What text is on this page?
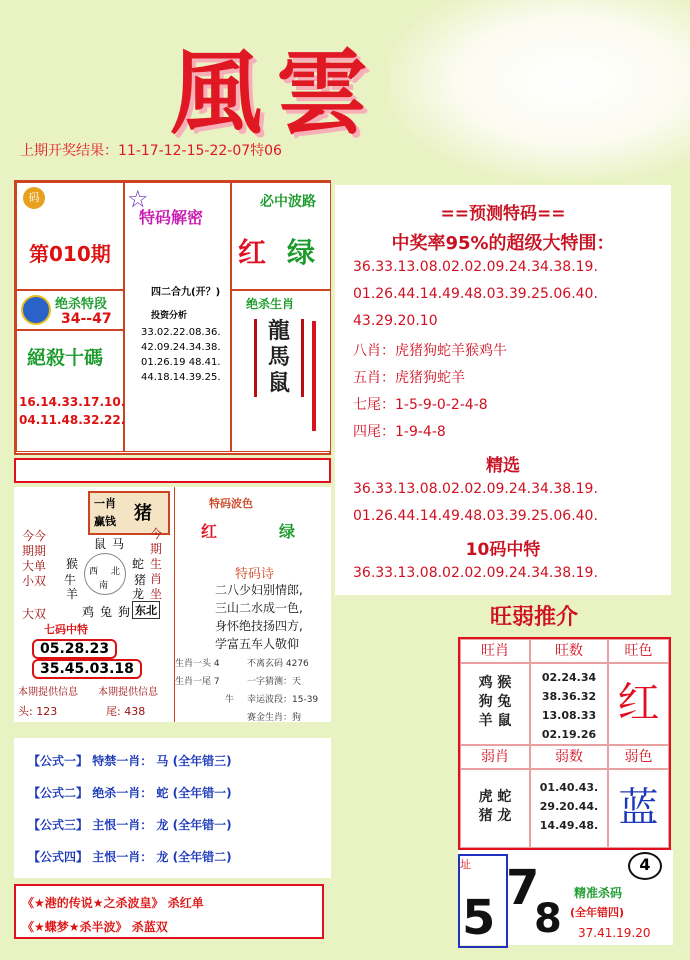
風雲
上期开奖结果：11-17-12-15-22-07特06
码
第010期
☆
特码解密
四二合九(开？)
投资分析
33.02.22.08.36.
42.09.24.34.38.
01.26.19 48.41.
44.18.14.39.25.
必中波路
红 绿
绝杀特段
34--47
絕殺十碼
16.14.33.17.10.
04.11.48.32.22.
绝杀生肖
龍
馬
鼠
==预测特码==
中奖率95%的超级大特围：
36.33.13.08.02.02.09.24.34.38.19.
01.26.44.14.49.48.03.39.25.06.40.
43.29.20.10
八肖：虎猪狗蛇羊猴鸡牛
五肖：虎猪狗蛇羊
七尾：1-5-9-0-2-4-8
四尾：1-9-4-8
精选
36.33.13.08.02.02.09.24.34.38.19.
01.26.44.14.49.48.03.39.25.06.40.
10码中特
36.33.13.08.02.02.09.24.34.38.19.
一肖赢钱	猪
今今
期期
大单
小双
大双
鼠 马
猴	蛇
牛	猪
羊	龙
鸡 兔 狗
西
南
北
今
期
生
肖
坐
东北
七码中特
05.28.23
35.45.03.18
本期提供信息 本期提供信息
头: 123	尾: 438
特码波色
红	绿
特码诗
二八少妇别情郎,
三山二水成一色,
身怀绝技扬四方,
学富五车人敬仰
生肖一头 4
生肖一尾 7
牛
不离玄码 4276
一字猜测：天
幸运波段：15-39
赛金生肖：狗
【公式一】 特禁一肖： 马 (全年错三)
【公式二】 绝杀一肖： 蛇 (全年错一)
【公式三】 主恨一肖： 龙 (全年错一)
【公式四】 主恨一肖： 龙 (全年错二)
《★港的传说★之杀波皇》 杀红单
《★蝶梦★杀半波》 杀蓝双
旺弱推介
旺肖	旺数	旺色
鸡 猴
狗 兔
羊 鼠
02.24.34
38.36.32
13.08.33
02.19.26
红
弱肖	弱数	弱色
虎 蛇
猪 龙
01.40.43.
29.20.44.
14.49.48. 蓝
址
5
7
8
4
精准杀码
(全年错四)
37.41.19.20
